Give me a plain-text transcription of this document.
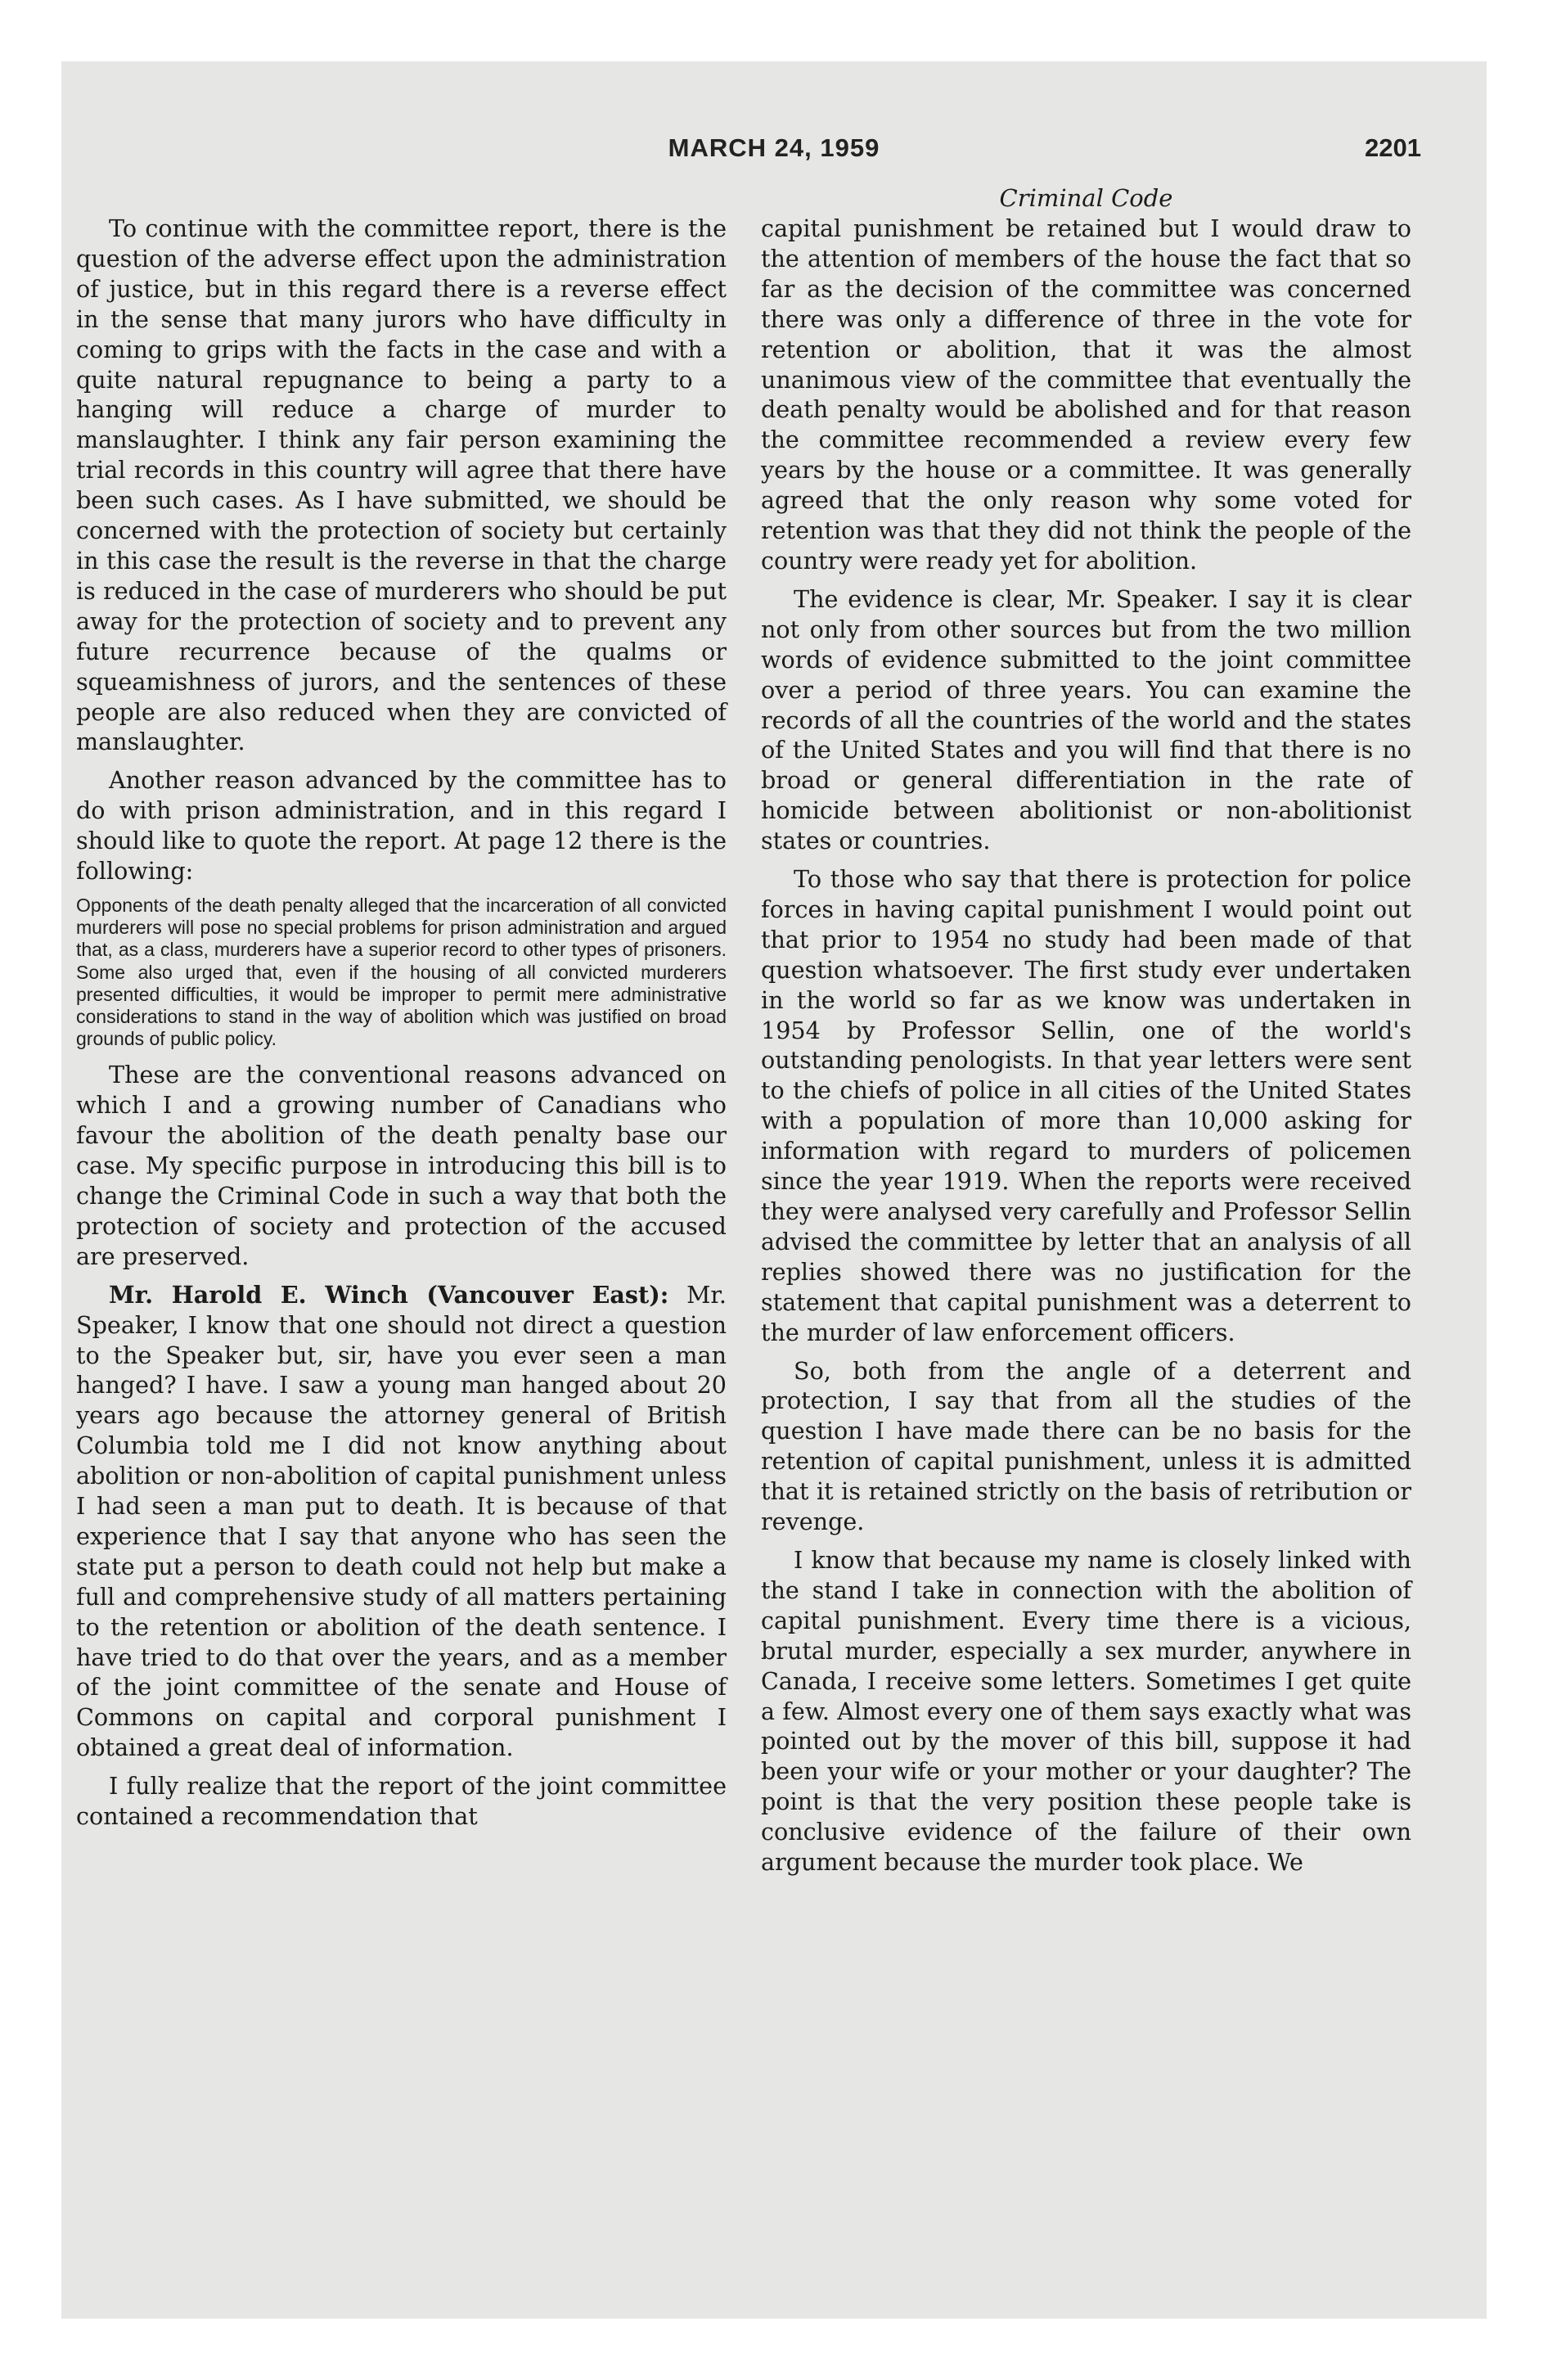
MARCH 24, 1959	2201

To continue with the committee report, there is the question of the adverse effect upon the administration of justice, but in this regard there is a reverse effect in the sense that many jurors who have difficulty in coming to grips with the facts in the case and with a quite natural repugnance to being a party to a hanging will reduce a charge of murder to manslaughter. I think any fair person examining the trial records in this country will agree that there have been such cases. As I have submitted, we should be concerned with the protection of society but certainly in this case the result is the reverse in that the charge is reduced in the case of murderers who should be put away for the protection of society and to prevent any future recurrence because of the qualms or squeamishness of jurors, and the sentences of these people are also reduced when they are convicted of manslaughter.

Another reason advanced by the committee has to do with prison administration, and in this regard I should like to quote the report. At page 12 there is the following:

Opponents of the death penalty alleged that the incarceration of all convicted murderers will pose no special problems for prison administration and argued that, as a class, murderers have a superior record to other types of prisoners. Some also urged that, even if the housing of all convicted murderers presented difficulties, it would be improper to permit mere administrative considerations to stand in the way of abolition which was justified on broad grounds of public policy.

These are the conventional reasons advanced on which I and a growing number of Canadians who favour the abolition of the death penalty base our case. My specific purpose in introducing this bill is to change the Criminal Code in such a way that both the protection of society and protection of the accused are preserved.

Mr. Harold E. Winch (Vancouver East): Mr. Speaker, I know that one should not direct a question to the Speaker but, sir, have you ever seen a man hanged? I have. I saw a young man hanged about 20 years ago because the attorney general of British Columbia told me I did not know anything about abolition or non-abolition of capital punishment unless I had seen a man put to death. It is because of that experience that I say that anyone who has seen the state put a person to death could not help but make a full and comprehensive study of all matters pertaining to the retention or abolition of the death sentence. I have tried to do that over the years, and as a member of the joint committee of the senate and House of Commons on capital and corporal punishment I obtained a great deal of information.

I fully realize that the report of the joint committee contained a recommendation that

Criminal Code

capital punishment be retained but I would draw to the attention of members of the house the fact that so far as the decision of the committee was concerned there was only a difference of three in the vote for retention or abolition, that it was the almost unanimous view of the committee that eventually the death penalty would be abolished and for that reason the committee recommended a review every few years by the house or a committee. It was generally agreed that the only reason why some voted for retention was that they did not think the people of the country were ready yet for abolition.

The evidence is clear, Mr. Speaker. I say it is clear not only from other sources but from the two million words of evidence submitted to the joint committee over a period of three years. You can examine the records of all the countries of the world and the states of the United States and you will find that there is no broad or general differentiation in the rate of homicide between abolitionist or non-abolitionist states or countries.

To those who say that there is protection for police forces in having capital punishment I would point out that prior to 1954 no study had been made of that question whatsoever. The first study ever undertaken in the world so far as we know was undertaken in 1954 by Professor Sellin, one of the world's outstanding penologists. In that year letters were sent to the chiefs of police in all cities of the United States with a population of more than 10,000 asking for information with regard to murders of policemen since the year 1919. When the reports were received they were analysed very carefully and Professor Sellin advised the committee by letter that an analysis of all replies showed there was no justification for the statement that capital punishment was a deterrent to the murder of law enforcement officers.

So, both from the angle of a deterrent and protection, I say that from all the studies of the question I have made there can be no basis for the retention of capital punishment, unless it is admitted that it is retained strictly on the basis of retribution or revenge.

I know that because my name is closely linked with the stand I take in connection with the abolition of capital punishment. Every time there is a vicious, brutal murder, especially a sex murder, anywhere in Canada, I receive some letters. Sometimes I get quite a few. Almost every one of them says exactly what was pointed out by the mover of this bill, suppose it had been your wife or your mother or your daughter? The point is that the very position these people take is conclusive evidence of the failure of their own argument because the murder took place. We
